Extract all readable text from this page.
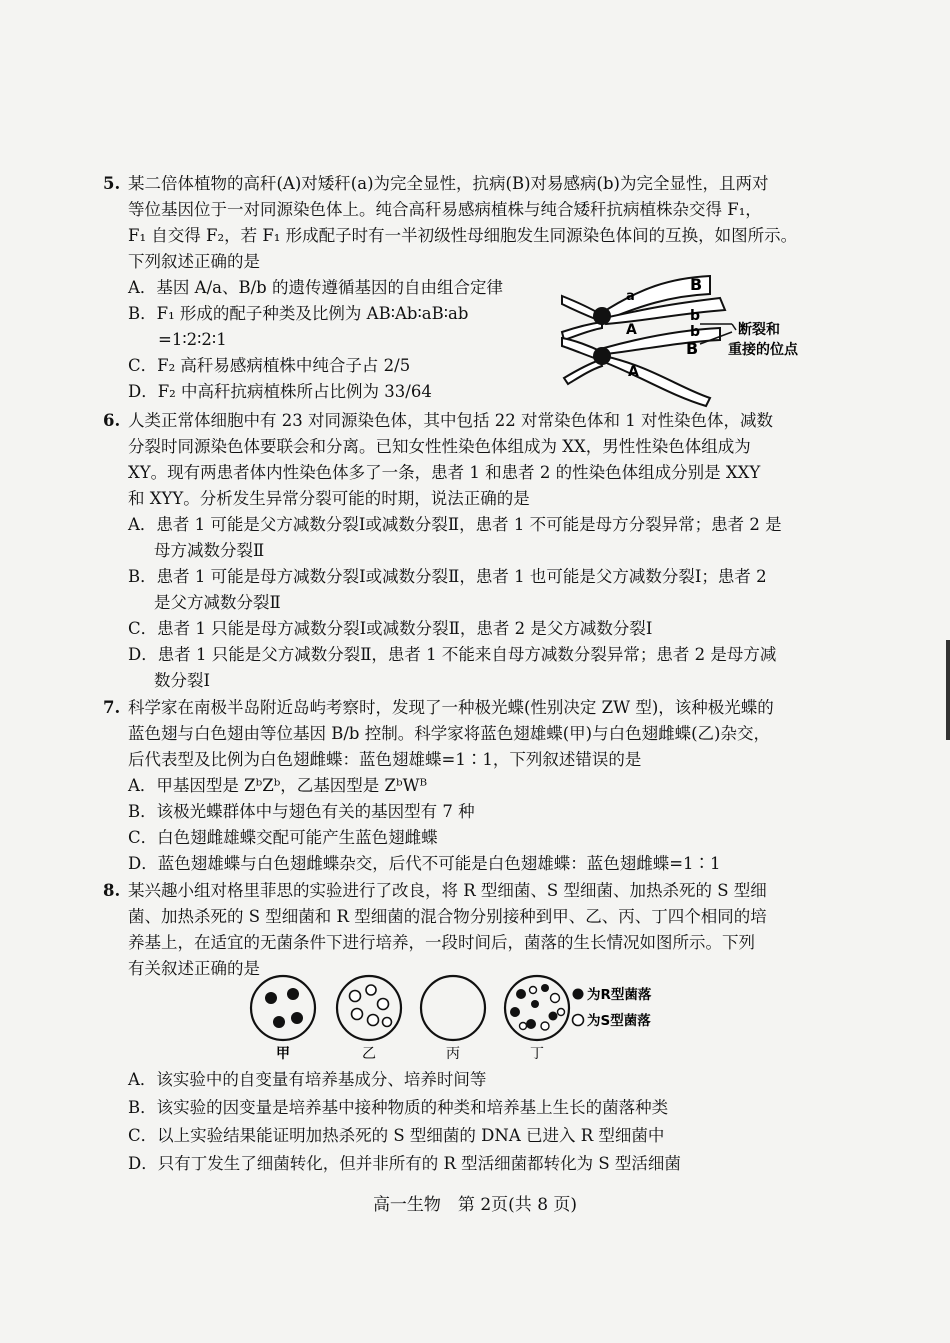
5. 某二倍体植物的高秆(A)对矮秆(a)为完全显性，抗病(B)对易感病(b)为完全显性，且两对
等位基因位于一对同源染色体上。纯合高秆易感病植株与纯合矮秆抗病植株杂交得 F₁，
F₁ 自交得 F₂，若 F₁ 形成配子时有一半初级性母细胞发生同源染色体间的互换，如图所示。
下列叙述正确的是
A．基因 A/a、B/b 的遗传遵循基因的自由组合定律
B．F₁ 形成的配子种类及比例为 AB∶Ab∶aB∶ab
=1∶2∶2∶1
C．F₂ 高秆易感病植株中纯合子占 2/5
D．F₂ 中高秆抗病植株所占比例为 33/64
B
a
b
A	b
B
A
断裂和
重接的位点
6. 人类正常体细胞中有 23 对同源染色体，其中包括 22 对常染色体和 1 对性染色体，减数
分裂时同源染色体要联会和分离。已知女性性染色体组成为 XX，男性性染色体组成为
XY。现有两患者体内性染色体多了一条，患者 1 和患者 2 的性染色体组成分别是 XXY
和 XYY。分析发生异常分裂可能的时期，说法正确的是
A．患者 1 可能是父方减数分裂Ⅰ或减数分裂Ⅱ，患者 1 不可能是母方分裂异常；患者 2 是
母方减数分裂Ⅱ
B．患者 1 可能是母方减数分裂Ⅰ或减数分裂Ⅱ，患者 1 也可能是父方减数分裂Ⅰ；患者 2
是父方减数分裂Ⅱ
C．患者 1 只能是母方减数分裂Ⅰ或减数分裂Ⅱ，患者 2 是父方减数分裂Ⅰ
D．患者 1 只能是父方减数分裂Ⅱ，患者 1 不能来自母方减数分裂异常；患者 2 是母方减
数分裂Ⅰ
7. 科学家在南极半岛附近岛屿考察时，发现了一种极光蝶(性别决定 ZW 型)，该种极光蝶的
蓝色翅与白色翅由等位基因 B/b 控制。科学家将蓝色翅雄蝶(甲)与白色翅雌蝶(乙)杂交，
后代表型及比例为白色翅雌蝶：蓝色翅雄蝶=1∶1，下列叙述错误的是
A．甲基因型是 ZᵇZᵇ，乙基因型是 ZᵇWᴮ
B．该极光蝶群体中与翅色有关的基因型有 7 种
C．白色翅雌雄蝶交配可能产生蓝色翅雌蝶
D．蓝色翅雄蝶与白色翅雌蝶杂交，后代不可能是白色翅雄蝶：蓝色翅雌蝶=1∶1
8. 某兴趣小组对格里菲思的实验进行了改良，将 R 型细菌、S 型细菌、加热杀死的 S 型细
菌、加热杀死的 S 型细菌和 R 型细菌的混合物分别接种到甲、乙、丙、丁四个相同的培
养基上，在适宜的无菌条件下进行培养，一段时间后，菌落的生长情况如图所示。下列
有关叙述正确的是
为R型菌落
为S型菌落
甲	乙	丙	丁
A．该实验中的自变量有培养基成分、培养时间等
B．该实验的因变量是培养基中接种物质的种类和培养基上生长的菌落种类
C．以上实验结果能证明加热杀死的 S 型细菌的 DNA 已进入 R 型细菌中
D．只有丁发生了细菌转化，但并非所有的 R 型活细菌都转化为 S 型活细菌
高一生物　第 2页(共 8 页)
